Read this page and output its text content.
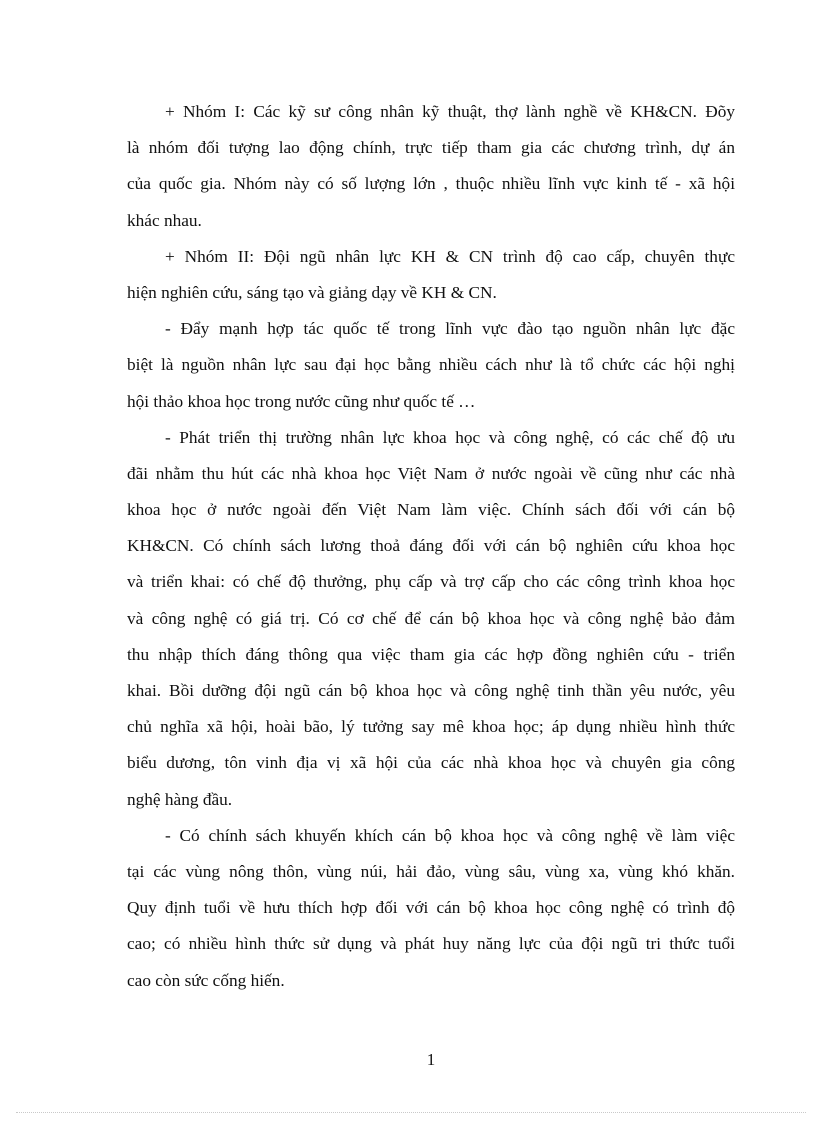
+ Nhóm I: Các kỹ sư công nhân kỹ thuật, thợ lành nghề về KH&CN. Đõy
là nhóm đối tượng lao động chính, trực tiếp tham gia các chương trình, dự án
của quốc gia. Nhóm này có số lượng lớn , thuộc nhiều lĩnh vực kinh tế - xã hội
khác nhau.
+ Nhóm II: Đội ngũ nhân lực KH & CN trình độ cao cấp, chuyên thực
hiện nghiên cứu, sáng tạo và giảng dạy về KH & CN.
- Đẩy mạnh hợp tác quốc tế trong lĩnh vực đào tạo nguồn nhân lực đặc
biệt là nguồn nhân lực sau đại học bằng nhiều cách như là tổ chức các hội nghị
hội thảo khoa học trong nước cũng như quốc tế …
- Phát triển thị trường nhân lực khoa học và công nghệ, có các chế độ ưu
đãi nhằm thu hút các nhà khoa học Việt Nam ở nước ngoài về cũng như các nhà
khoa học ở nước ngoài đến Việt Nam làm việc. Chính sách đối với cán bộ
KH&CN. Có chính sách lương thoả đáng đối với cán bộ nghiên cứu khoa học
và triển khai: có chế độ thưởng, phụ cấp và trợ cấp cho các công trình khoa học
và công nghệ có giá trị. Có cơ chế để cán bộ khoa học và công nghệ bảo đảm
thu nhập thích đáng thông qua việc tham gia các hợp đồng nghiên cứu - triển
khai. Bồi dưỡng đội ngũ cán bộ khoa học và công nghệ tinh thần yêu nước, yêu
chủ nghĩa xã hội, hoài bão, lý tưởng say mê khoa học; áp dụng nhiều hình thức
biểu dương, tôn vinh địa vị xã hội của các nhà khoa học và chuyên gia công
nghệ hàng đầu.
- Có chính sách khuyến khích cán bộ khoa học và công nghệ về làm việc
tại các vùng nông thôn, vùng núi, hải đảo, vùng sâu, vùng xa, vùng khó khăn.
Quy định tuổi về hưu thích hợp đối với cán bộ khoa học công nghệ có trình độ
cao; có nhiều hình thức sử dụng và phát huy năng lực của đội ngũ tri thức tuổi
cao còn sức cống hiến.
1
